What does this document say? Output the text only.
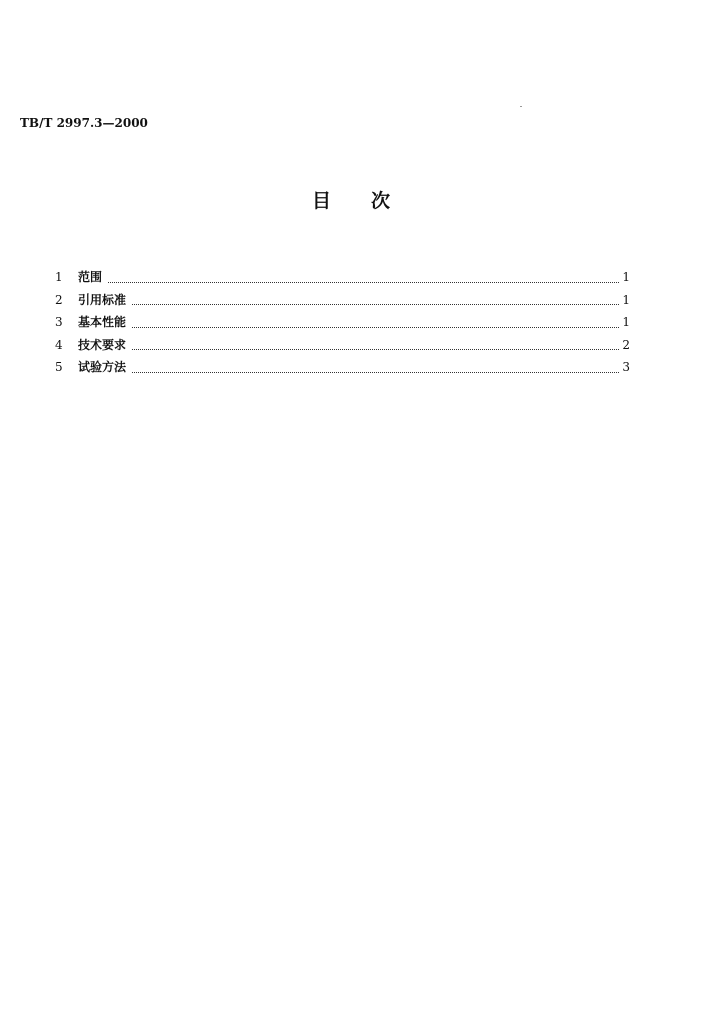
TB/T 2997.3—2000
目 次
1	范围	1
2	引用标准	1
3	基本性能	1
4	技术要求	2
5	试验方法	3
